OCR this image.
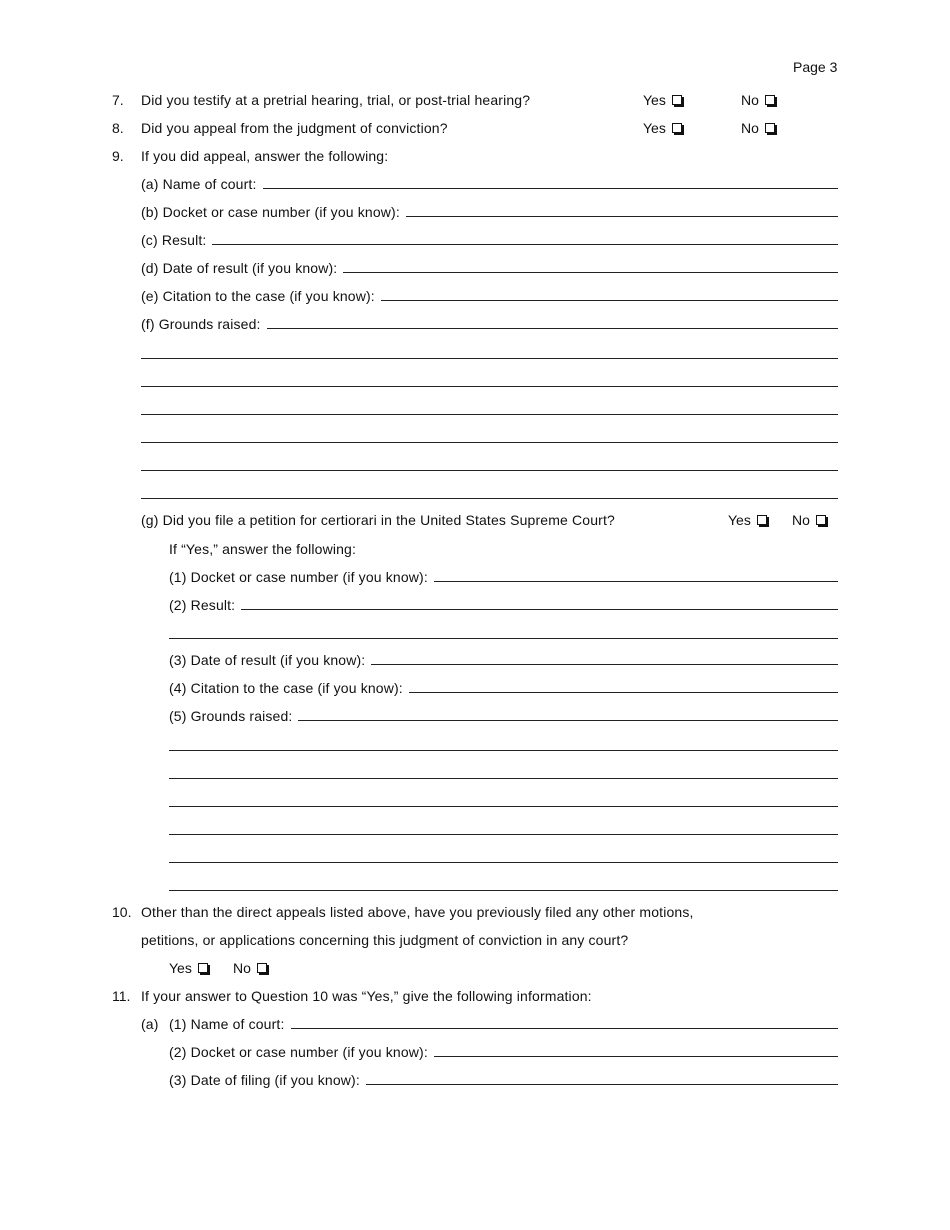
Page 3
7.	Did you testify at a pretrial hearing, trial, or post-trial hearing?	Yes	No
8.	Did you appeal from the judgment of conviction?	Yes	No
9.	If you did appeal, answer the following:
(a) Name of court:
(b) Docket or case number (if you know):
(c) Result:
(d) Date of result (if you know):
(e) Citation to the case (if you know):
(f) Grounds raised:
(g) Did you file a petition for certiorari in the United States Supreme Court?	Yes	No
If “Yes,” answer the following:
(1) Docket or case number (if you know):
(2) Result:
(3) Date of result (if you know):
(4) Citation to the case (if you know):
(5) Grounds raised:
10. Other than the direct appeals listed above, have you previously filed any other motions,
petitions, or applications concerning this judgment of conviction in any court?
Yes	No
11. If your answer to Question 10 was “Yes,” give the following information:
(a) (1) Name of court:
(2) Docket or case number (if you know):
(3) Date of filing (if you know):
